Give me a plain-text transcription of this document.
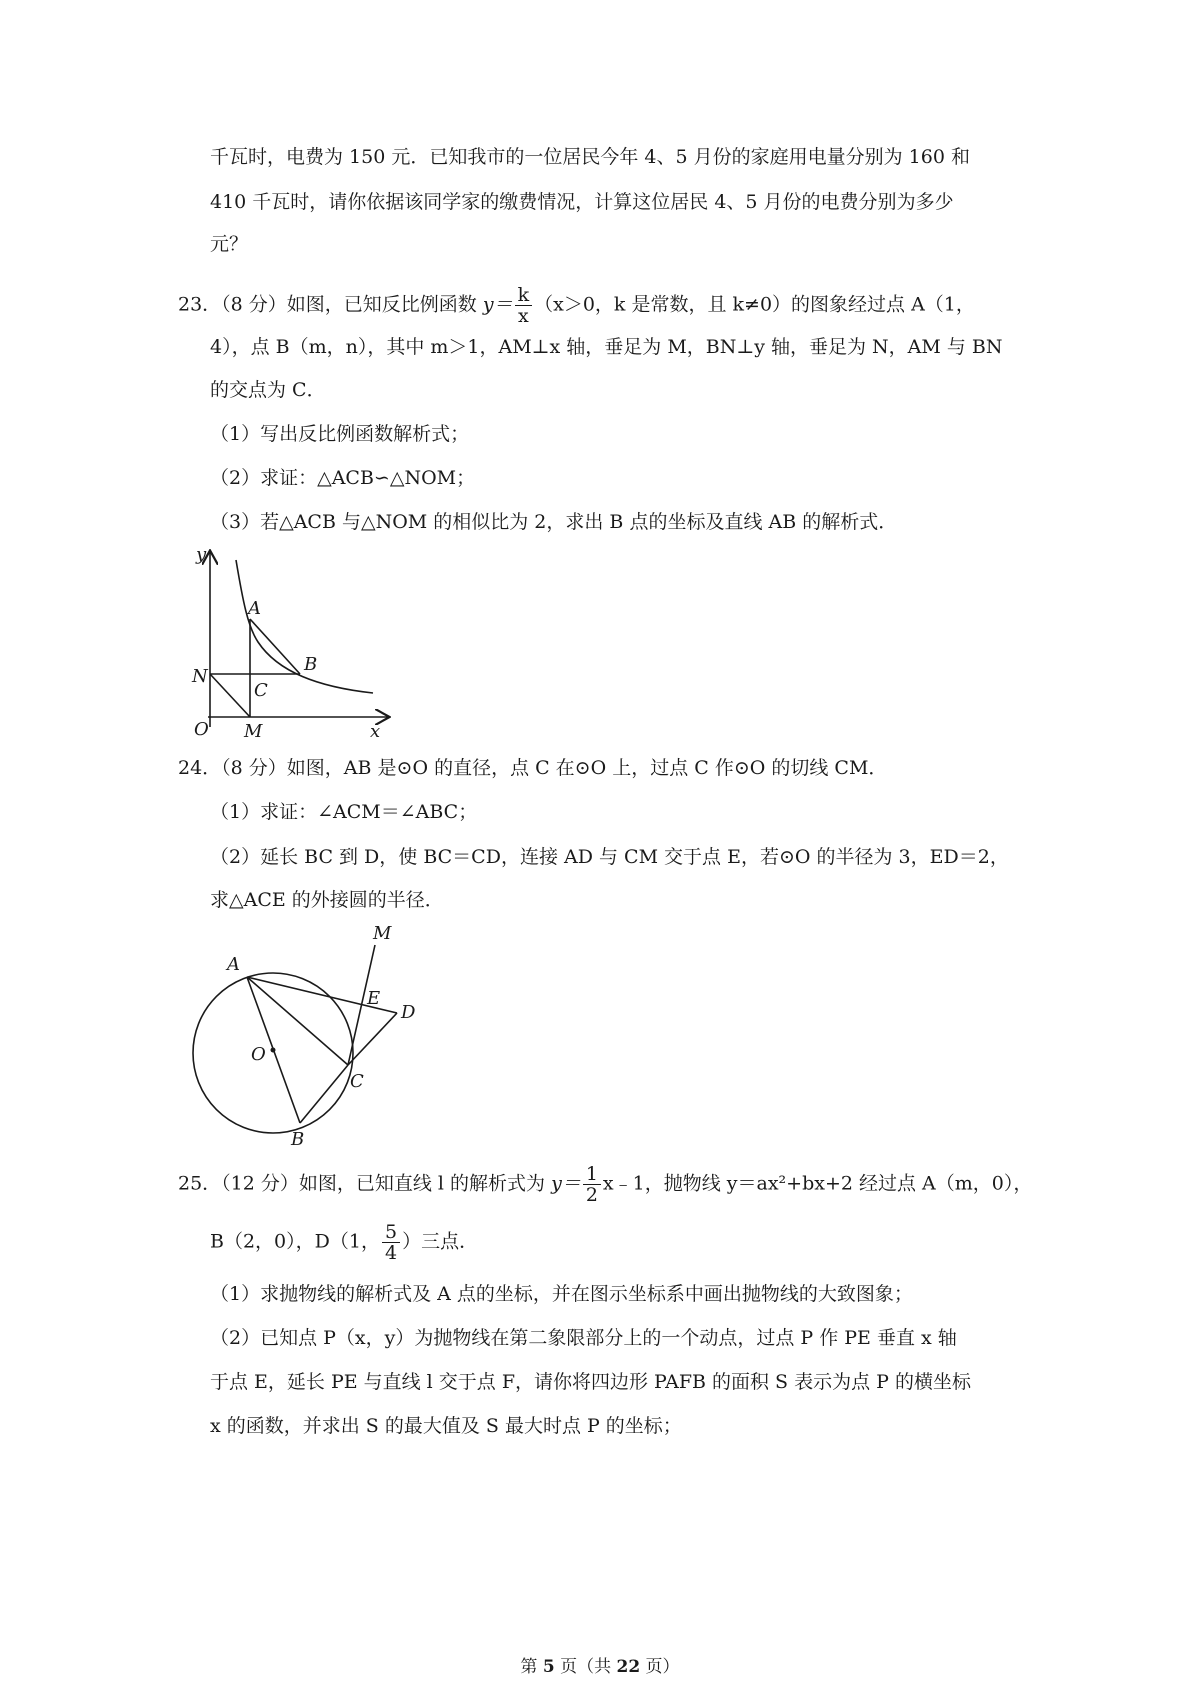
千瓦时，电费为 150 元．已知我市的一位居民今年 4、5 月份的家庭用电量分别为 160 和
410 千瓦时，请你依据该同学家的缴费情况，计算这位居民 4、5 月份的电费分别为多少
元？
23．（8 分）如图，已知反比例函数 $y= \frac{k}{x} (x>0$，k 是常数，且 k≠0）的图象经过点 A（1，
4），点 B（m，n），其中 m＞1，AM⊥x 轴，垂足为 M，BN⊥y 轴，垂足为 N，AM 与 BN
的交点为 C．
（1）写出反比例函数解析式；
（2）求证：△ACB∽△NOM；
（3）若△ACB 与△NOM 的相似比为 2，求出 B 点的坐标及直线 AB 的解析式．
y
x
O
A
B
C
N
M
24．（8 分）如图，AB 是⊙O 的直径，点 C 在⊙O 上，过点 C 作⊙O 的切线 CM．
（1）求证：∠ACM＝∠ABC；
（2）延长 BC 到 D，使 BC＝CD，连接 AD 与 CM 交于点 E，若⊙O 的半径为 3，ED＝2，
求△ACE 的外接圆的半径．
A
B
C
D
E
M
O
25．（12 分）如图，已知直线 l 的解析式为 $y= \frac{1}{2}$ x﹣1，抛物线 y＝ax²+bx+2 经过点 A（m，0），
B（2，0），D（1， $\frac{5}{4}$ ）三点．
（1）求抛物线的解析式及 A 点的坐标，并在图示坐标系中画出抛物线的大致图象；
（2）已知点 P（x，y）为抛物线在第二象限部分上的一个动点，过点 P 作 PE 垂直 x 轴
于点 E，延长 PE 与直线 l 交于点 F，请你将四边形 PAFB 的面积 S 表示为点 P 的横坐标
x 的函数，并求出 S 的最大值及 S 最大时点 P 的坐标；
第 5 页（共 22 页）
